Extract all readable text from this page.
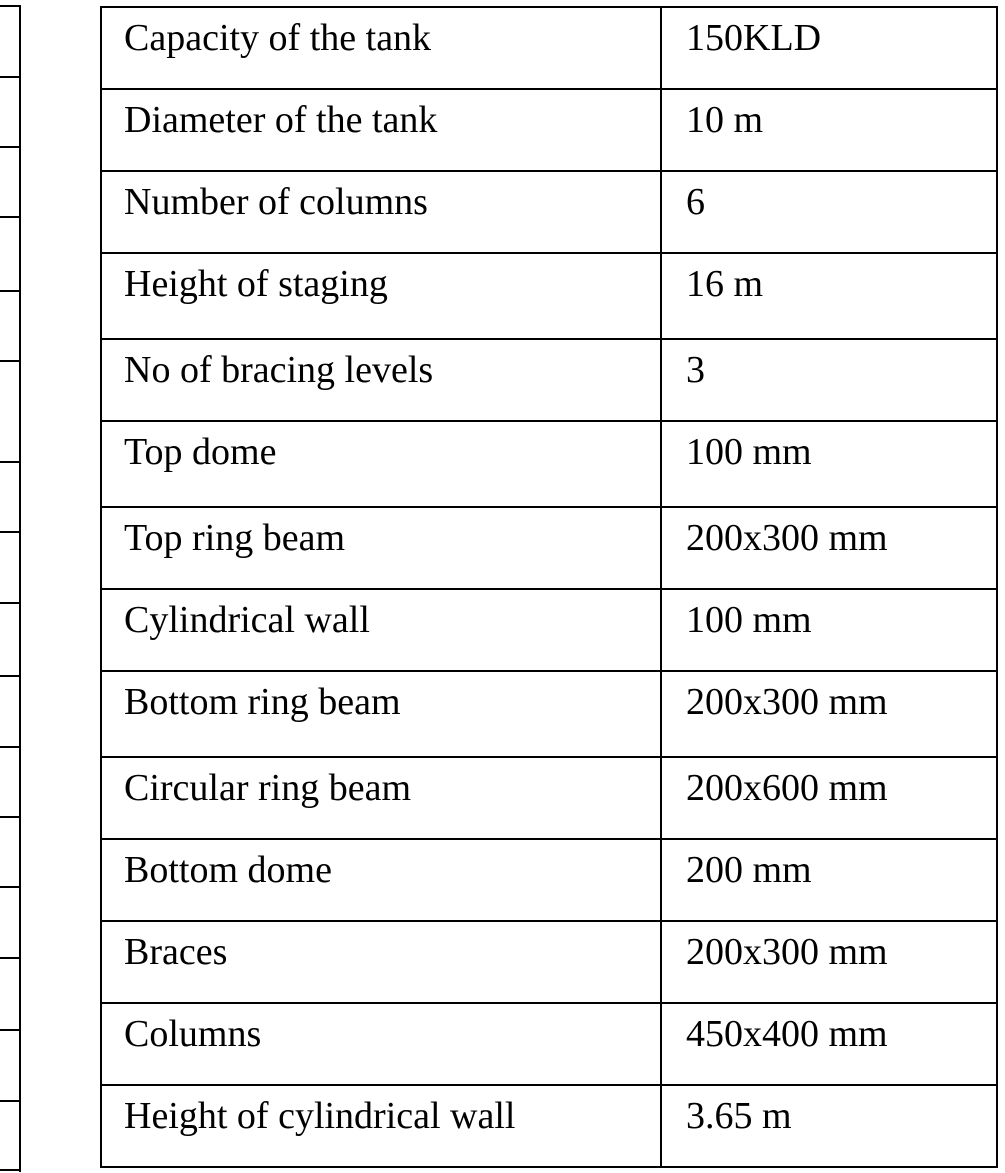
Capacity of the tank	150KLD
Diameter of the tank	10 m
Number of columns	6
Height of staging	16 m
No of bracing levels	3
Top dome	100 mm
Top ring beam	200x300 mm
Cylindrical wall	100 mm
Bottom ring beam	200x300 mm
Circular ring beam	200x600 mm
Bottom dome	200 mm
Braces	200x300 mm
Columns	450x400 mm
Height of cylindrical wall	3.65 m
